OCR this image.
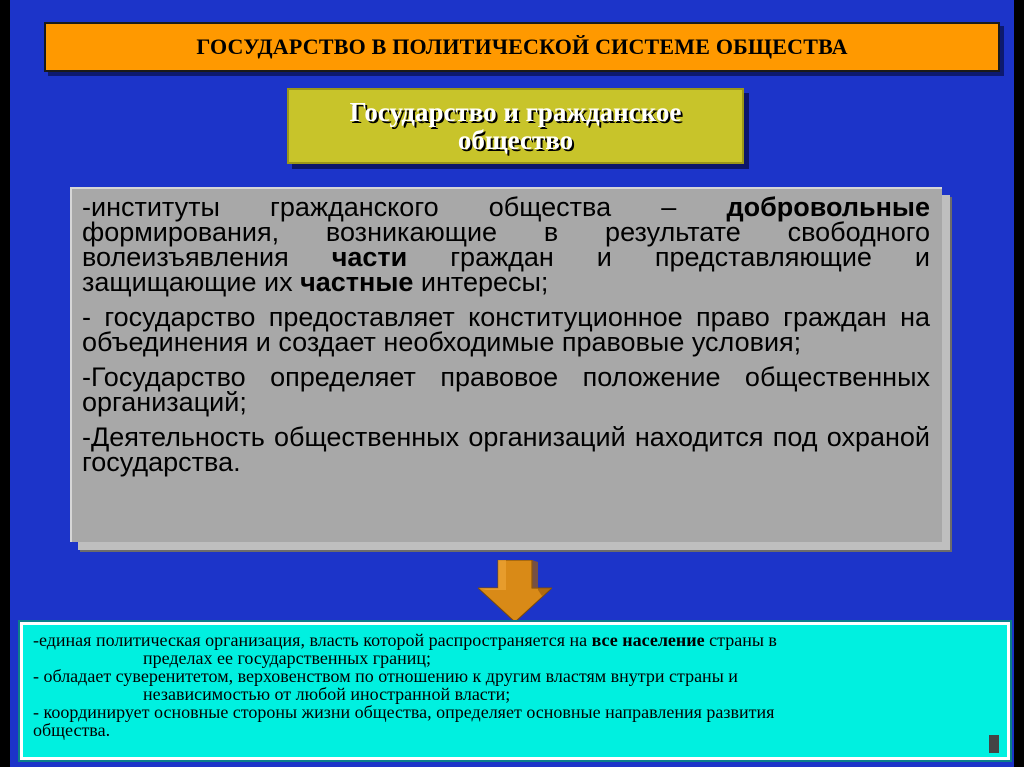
ГОСУДАРСТВО В ПОЛИТИЧЕСКОЙ СИСТЕМЕ ОБЩЕСТВА
Государство и гражданское общество

-институты гражданского общества – добровольные формирования, возникающие в результате свободного волеизъявления части граждан и представляющие и защищающие их частные интересы;

- государство предоставляет конституционное право граждан на объединения и создает необходимые правовые условия;

-Государство определяет правовое положение общественных организаций;

-Деятельность общественных организаций находится под охраной государства.

-единая политическая организация, власть которой распространяется на все население страны в
пределах ее государственных границ;
- обладает суверенитетом, верховенством по отношению к другим властям внутри страны и
независимостью от любой иностранной власти;
- координирует основные стороны жизни общества, определяет основные направления развития
общества.
